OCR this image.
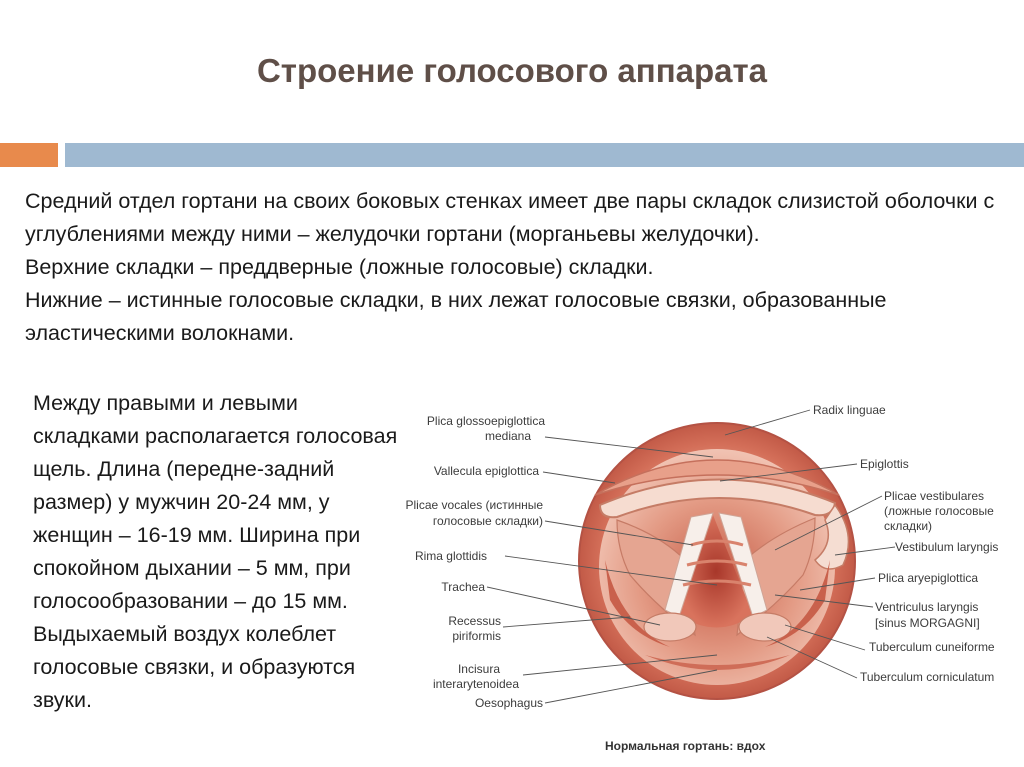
Строение голосового аппарата

Средний отдел гортани на своих боковых стенках имеет две пары складок слизистой оболочки с углублениями между ними – желудочки гортани (морганьевы желудочки).

Верхние складки – преддверные (ложные голосовые) складки.

Нижние – истинные голосовые складки, в них лежат голосовые связки, образованные эластическими волокнами.

Между правыми и левыми складками располагается голосовая щель. Длина (передне-задний размер) у мужчин 20-24 мм, у женщин – 16-19 мм. Ширина при спокойном дыхании – 5 мм, при голосообразовании – до 15 мм. Выдыхаемый воздух колеблет голосовые связки, и образуются звуки.
Plica glossoepiglottica
mediana
Vallecula epiglottica
Plicae vocales (истинные
голосовые складки)
Rima glottidis
Trachea
Recessus
piriformis
Incisura
interarytenoidea
Oesophagus
Radix linguae
Epiglottis
Plicae vestibulares
(ложные голосовые
складки)
Vestibulum laryngis
Plica aryepiglottica
Ventriculus laryngis
[sinus MORGAGNI]
Tuberculum cuneiforme
Tuberculum corniculatum
Нормальная гортань: вдох
